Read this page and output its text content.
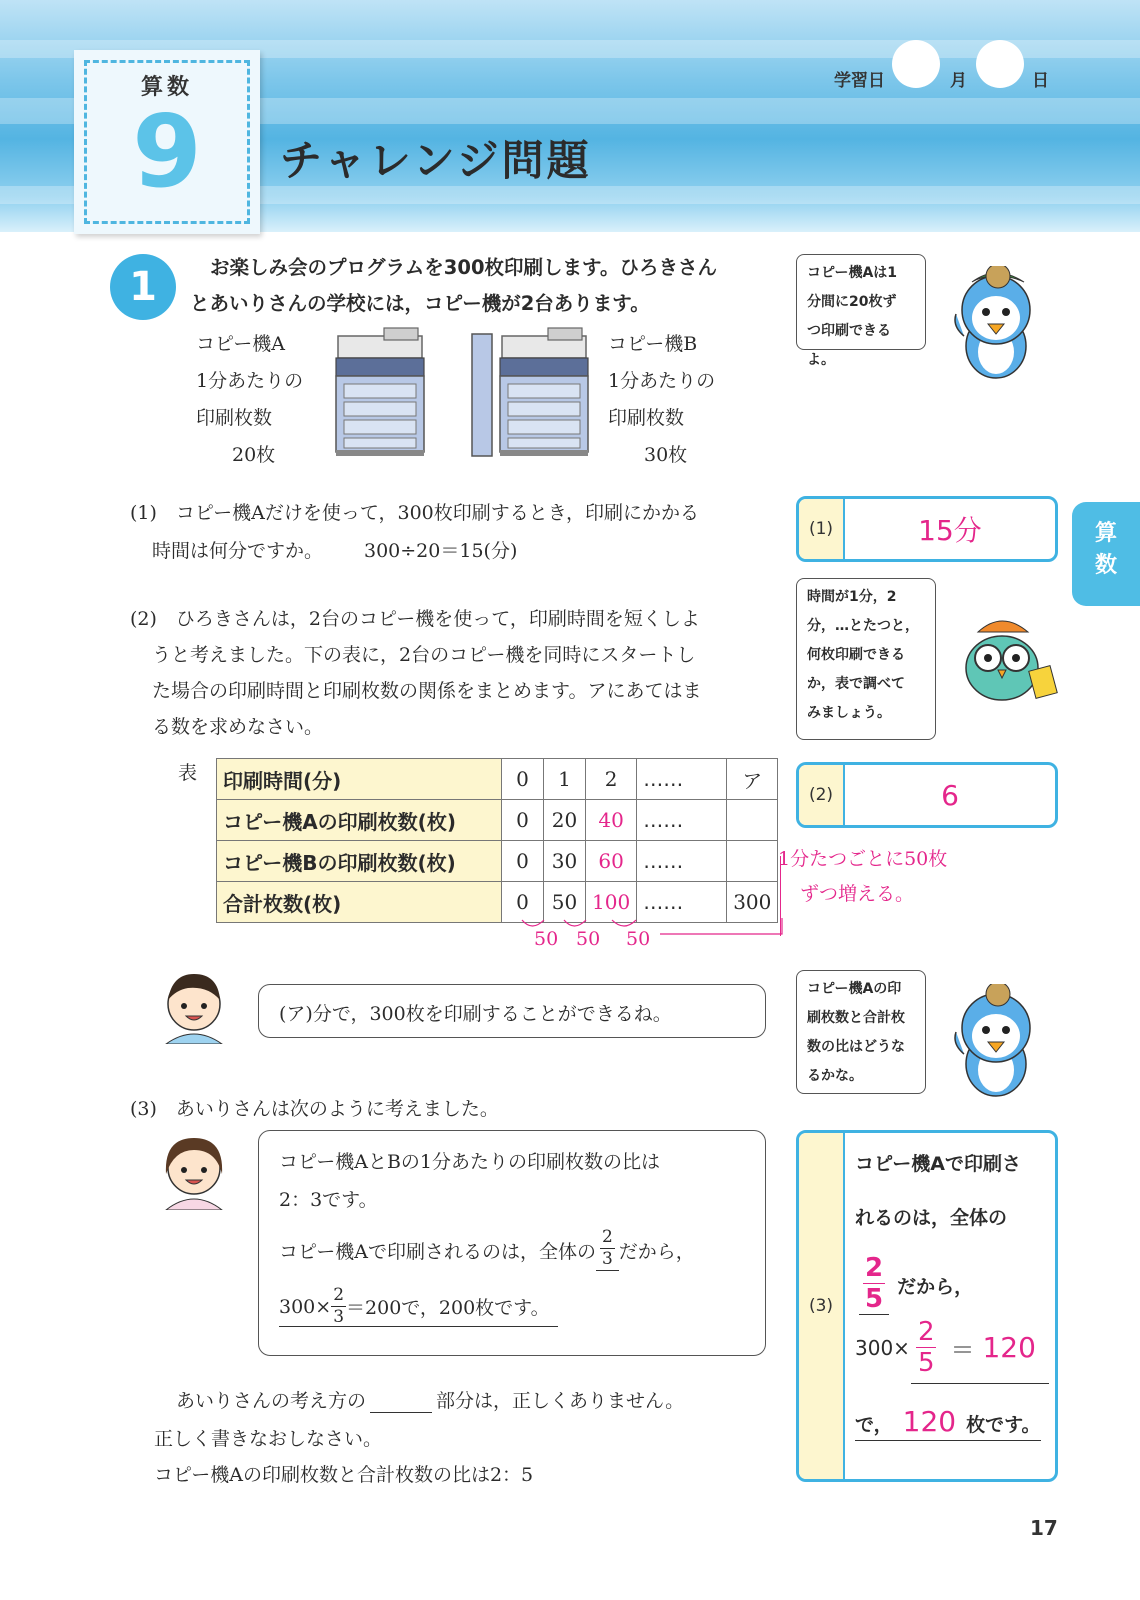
算数
9	チャレンジ問題
学習日	月	日
算
数
1	お楽しみ会のプログラムを300枚印刷します。ひろきさん
とあいりさんの学校には，コピー機が2台あります。
コピー機A
1分あたりの
印刷枚数
20枚
コピー機B
1分あたりの
印刷枚数
30枚
コピー機Aは1
分間に20枚ず
つ印刷できるよ。
(1)　コピー機Aだけを使って，300枚印刷するとき，印刷にかかる
時間は何分ですか。 300÷20＝15(分)
(1)	15分
時間が1分，2
分，…とたつと，
何枚印刷できる
か，表で調べて
みましょう。
(2)　ひろきさんは，2台のコピー機を使って，印刷時間を短くしよ
うと考えました。下の表に，2台のコピー機を同時にスタートし
た場合の印刷時間と印刷枚数の関係をまとめます。アにあてはま
る数を求めなさい。
表 印刷時間(分)	0	1	2	……	ア
コピー機Aの印刷枚数(枚)	0	20	40	……	
コピー機Bの印刷枚数(枚)	0	30	60	……	
合計枚数(枚)	0	50	100	……	300
50 50 50
(2)	6
1分たつごとに50枚
ずつ増える。
(ア)分で，300枚を印刷することができるね。
コピー機Aの印
刷枚数と合計枚
数の比はどうな
るかな。
(3)　あいりさんは次のように考えました。
コピー機AとBの1分あたりの印刷枚数の比は
2：3です。
コピー機Aで印刷されるのは，全体の $\frac{2}{3}$ だから，
$300\times \frac{2}{3} =200$で，200枚です。
あいりさんの考え方の	部分は，正しくありません。
正しく書きなおしなさい。
コピー機Aの印刷枚数と合計枚数の比は2：5
(3)
コピー機Aで印刷さ
れるのは，全体の
$\frac{2}{5}$ だから，
$300\times \frac{2}{5} = 120$
で， 120 枚です。
17
